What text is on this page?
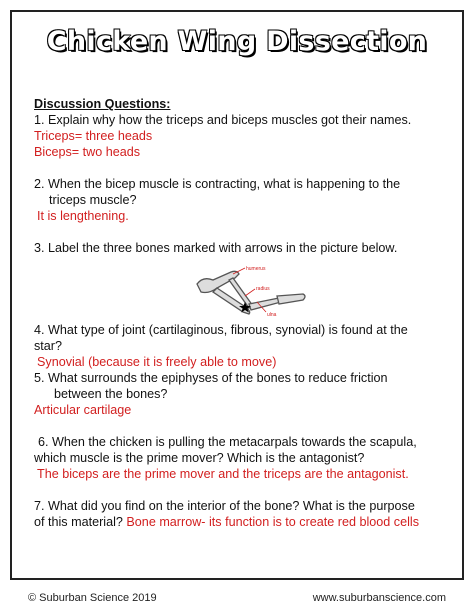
Chicken Wing Dissection
Discussion Questions:
1. Explain why how the triceps and biceps muscles got their names.
Triceps= three heads
Biceps= two heads
2. When the bicep muscle is contracting, what is happening to the
triceps muscle?
It is lengthening.
3. Label the three bones marked with arrows in the picture below.
humerus
radius
ulna
4. What type of joint (cartilaginous, fibrous, synovial) is found at the
star?
Synovial (because it is freely able to move)
5. What surrounds the epiphyses of the bones to reduce friction
between the bones?
Articular cartilage
6. When the chicken is pulling the metacarpals towards the scapula,
which muscle is the prime mover? Which is the antagonist?
The biceps are the prime mover and the triceps are the antagonist.
7. What did you find on the interior of the bone? What is the purpose
of this material? Bone marrow- its function is to create red blood cells
© Suburban Science 2019	www.suburbanscience.com
